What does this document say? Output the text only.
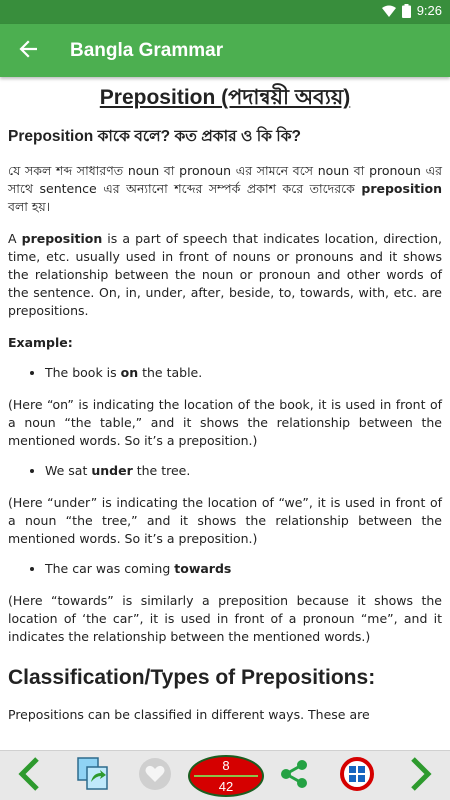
9:26
Bangla Grammar
Preposition (পদান্বয়ী অব্যয়)
Preposition কাকে বলে? কত প্রকার ও কি কি?

যে সকল শব্দ সাধারণত noun বা pronoun এর সামনে বসে noun বা pronoun এর সাথে sentence এর অন্যানো শব্দের সম্পর্ক প্রকাশ করে তাদেরকে preposition বলা হয়।

A preposition is a part of speech that indicates location, direction, time, etc. usually used in front of nouns or pronouns and it shows the relationship between the noun or pronoun and other words of the sentence. On, in, under, after, beside, to, towards, with, etc. are prepositions.

Example:
• The book is on the table.

(Here “on” is indicating the location of the book, it is used in front of a noun “the table,” and it shows the relationship between the mentioned words. So it’s a preposition.)

• We sat under the tree.

(Here “under” is indicating the location of “we”, it is used in front of a noun “the tree,” and it shows the relationship between the mentioned words. So it’s a preposition.)

• The car was coming towards

(Here “towards” is similarly a preposition because it shows the location of ‘the car”, it is used in front of a pronoun “me”, and it indicates the relationship between the mentioned words.)

Classification/Types of Prepositions:

Prepositions can be classified in different ways. These are

8
42
